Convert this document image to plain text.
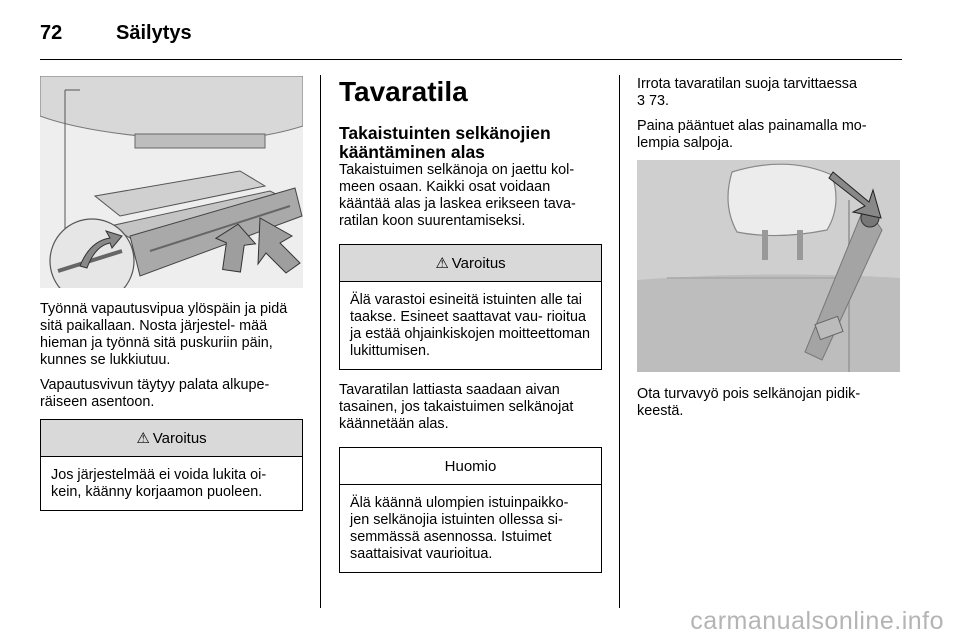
72	Säilytys

Työnnä vapautusvipua ylöspäin ja pidä sitä paikallaan. Nosta järjestel- mää hieman ja työnnä sitä puskuriin päin, kunnes se lukkiutuu.

Vapautusvivun täytyy palata alkupe- räiseen asentoon.

⚠ Varoitus
Jos järjestelmää ei voida lukita oi- kein, käänny korjaamon puoleen.
Tavaratila
Takaistuinten selkänojien kääntäminen alas

Takaistuimen selkänoja on jaettu kol- meen osaan. Kaikki osat voidaan kääntää alas ja laskea erikseen tava- ratilan koon suurentamiseksi.

⚠ Varoitus
Älä varastoi esineitä istuinten alle tai taakse. Esineet saattavat vau- rioitua ja estää ohjainkiskojen moitteettoman lukittumisen.

Tavaratilan lattiasta saadaan aivan tasainen, jos takaistuimen selkänojat käännetään alas.

Huomio
Älä käännä ulompien istuinpaikko- jen selkänojia istuinten ollessa si- semmässä asennossa. Istuimet saattaisivat vaurioitua.

Irrota tavaratilan suoja tarvittaessa
3 73.

Paina pääntuet alas painamalla mo- lempia salpoja.

Ota turvavyö pois selkänojan pidik- keestä.

carmanualsonline.info
